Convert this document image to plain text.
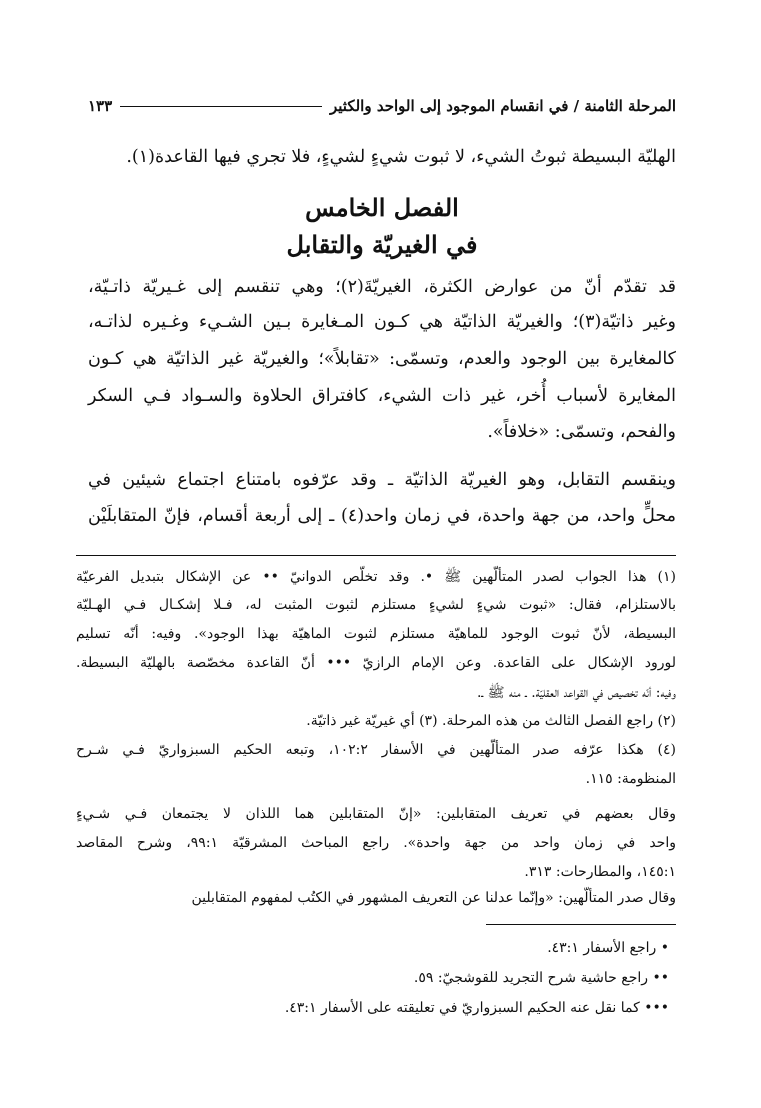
المرحلة الثامنة / في انقسام الموجود إلى الواحد والكثير
١٣٣
الهليّة البسيطة ثبوتُ الشيء، لا ثبوت شيءٍ لشيءٍ، فلا تجري فيها القاعدة(١).
الفصل الخامس
في الغيريّة والتقابل
قد تقدّم أنّ من عوارض الكثرة، الغيريّةَ(٢)؛ وهي تنقسم إلى غـيريّة ذاتـيّة،
وغير ذاتيّة(٣)؛ والغيريّة الذاتيّة هي كـون المـغايرة بـين الشـيء وغـيره لذاتـه،
كالمغايرة بين الوجود والعدم، وتسمّى: «تقابلاً»؛ والغيريّة غير الذاتيّة هي كـون
المغايرة لأسباب أُخر، غير ذات الشيء، كافتراق الحلاوة والسـواد فـي السكر
والفحم، وتسمّى: «خلافاً».
وينقسم التقابل، وهو الغيريّة الذاتيّة ـ وقد عرّفوه بامتناع اجتماع شيئين في
محلٍّ واحد، من جهة واحدة، في زمان واحد(٤) ـ إلى أربعة أقسام، فإنّ المتقابلَيْن
(١) هذا الجواب لصدر المتألّهين ﷺ •. وقد تخلّص الدوانيّ •• عن الإشكال بتبديل الفرعيّة
بالاستلزام، فقال: «ثبوت شيءٍ لشيءٍ مستلزم لثبوت المثبت له، فـلا إشكـال فـي الهـليّة
البسيطة، لأنّ ثبوت الوجود للماهيّة مستلزم لثبوت الماهيّة بهذا الوجود». وفيه: أنّه تسليم
لورود الإشكال على القاعدة. وعن الإمام الرازيّ ••• أنّ القاعدة مخصّصة بالهليّة البسيطة.
وفيه: أنّه تخصيص في القواعد العقليّة. ـ منه ﷺ ـ.
(٢) راجع الفصل الثالث من هذه المرحلة. (٣) أي غيريّة غير ذاتيّة.
(٤) هكذا عرّفه صدر المتألّهين في الأسفار ١٠٢:٢، وتبعه الحكيم السبزواريّ فـي شـرح
المنظومة: ١١٥.
وقال بعضهم في تعريف المتقابلين: «إنّ المتقابلين هما اللذان لا يجتمعان فـي شـيءٍ
واحد في زمان واحد من جهة واحدة». راجع المباحث المشرقيّة ٩٩:١، وشرح المقاصد
١٤٥:١، والمطارحات: ٣١٣.
وقال صدر المتألّهين: «وإنّما عدلنا عن التعريف المشهور في الكتُب لمفهوم المتقابلين
• راجع الأسفار ٤٣:١.
•• راجع حاشية شرح التجريد للقوشجيّ: ٥٩.
••• كما نقل عنه الحكيم السبزواريّ في تعليقته على الأسفار ٤٣:١.
